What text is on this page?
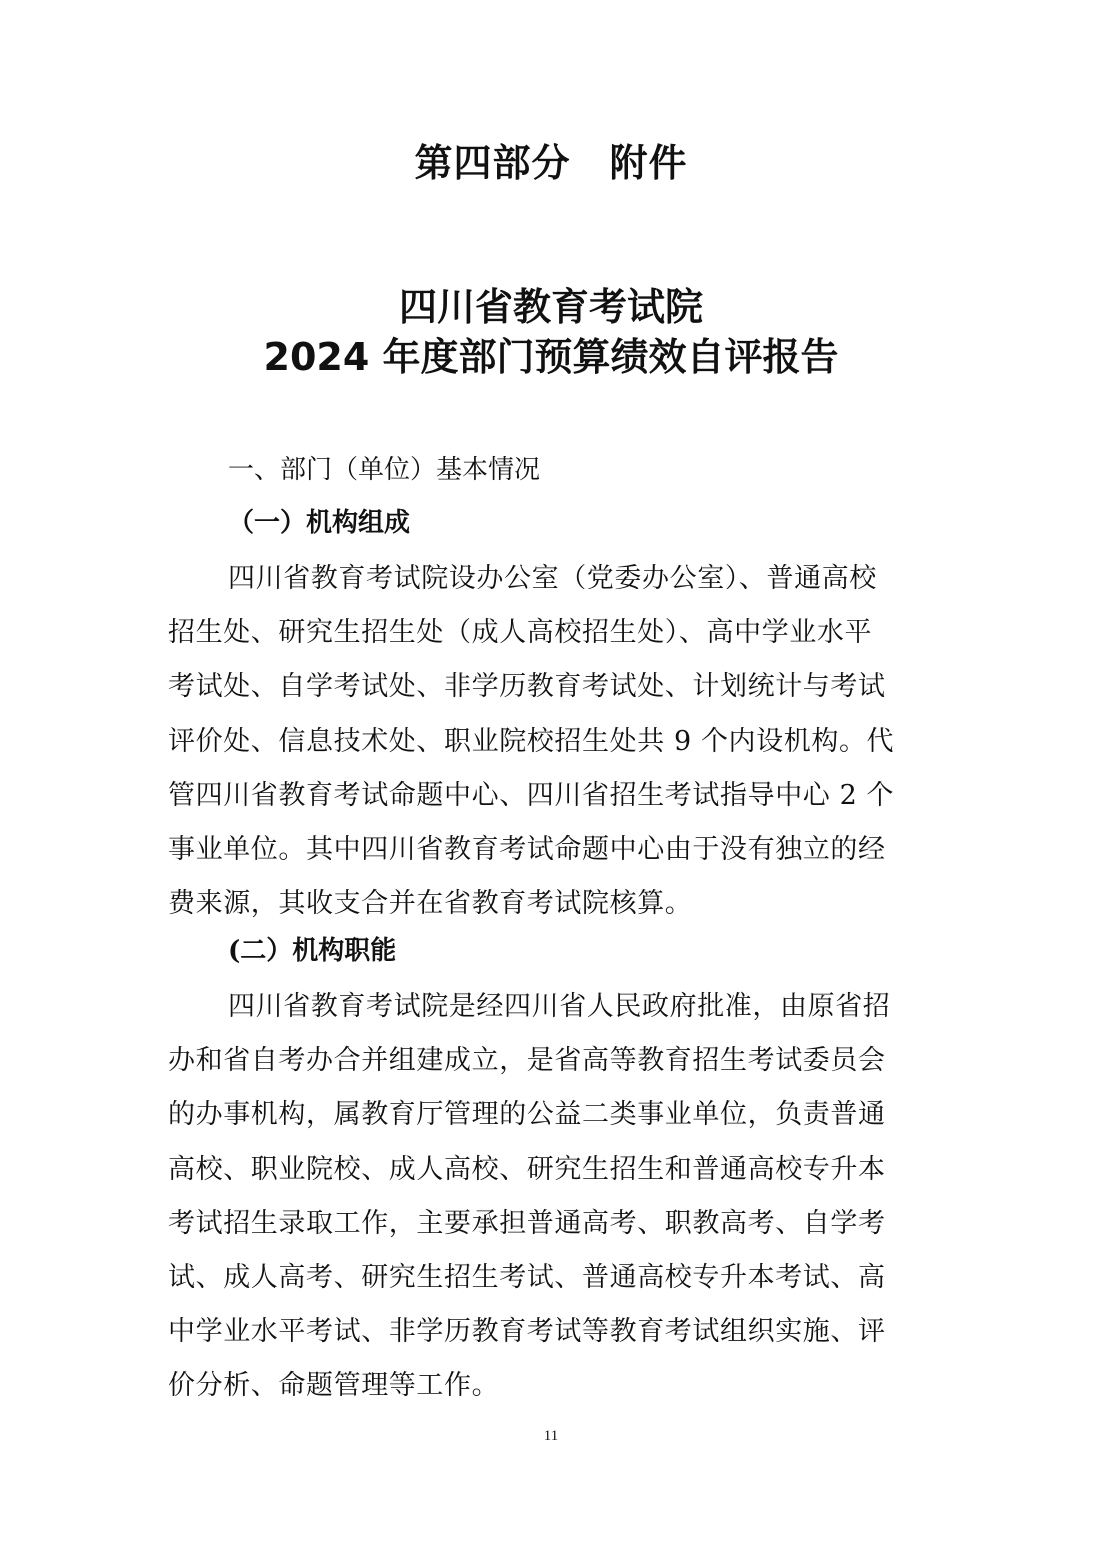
第四部分　附件
四川省教育考试院
2024 年度部门预算绩效自评报告
一、部门（单位）基本情况
（一）机构组成
四川省教育考试院设办公室（党委办公室）、普通高校
招生处、研究生招生处（成人高校招生处）、高中学业水平
考试处、自学考试处、非学历教育考试处、计划统计与考试
评价处、信息技术处、职业院校招生处共 9 个内设机构。代
管四川省教育考试命题中心、四川省招生考试指导中心 2 个
事业单位。其中四川省教育考试命题中心由于没有独立的经
费来源，其收支合并在省教育考试院核算。
(二）机构职能
四川省教育考试院是经四川省人民政府批准，由原省招
办和省自考办合并组建成立，是省高等教育招生考试委员会
的办事机构，属教育厅管理的公益二类事业单位，负责普通
高校、职业院校、成人高校、研究生招生和普通高校专升本
考试招生录取工作，主要承担普通高考、职教高考、自学考
试、成人高考、研究生招生考试、普通高校专升本考试、高
中学业水平考试、非学历教育考试等教育考试组织实施、评
价分析、命题管理等工作。
11
